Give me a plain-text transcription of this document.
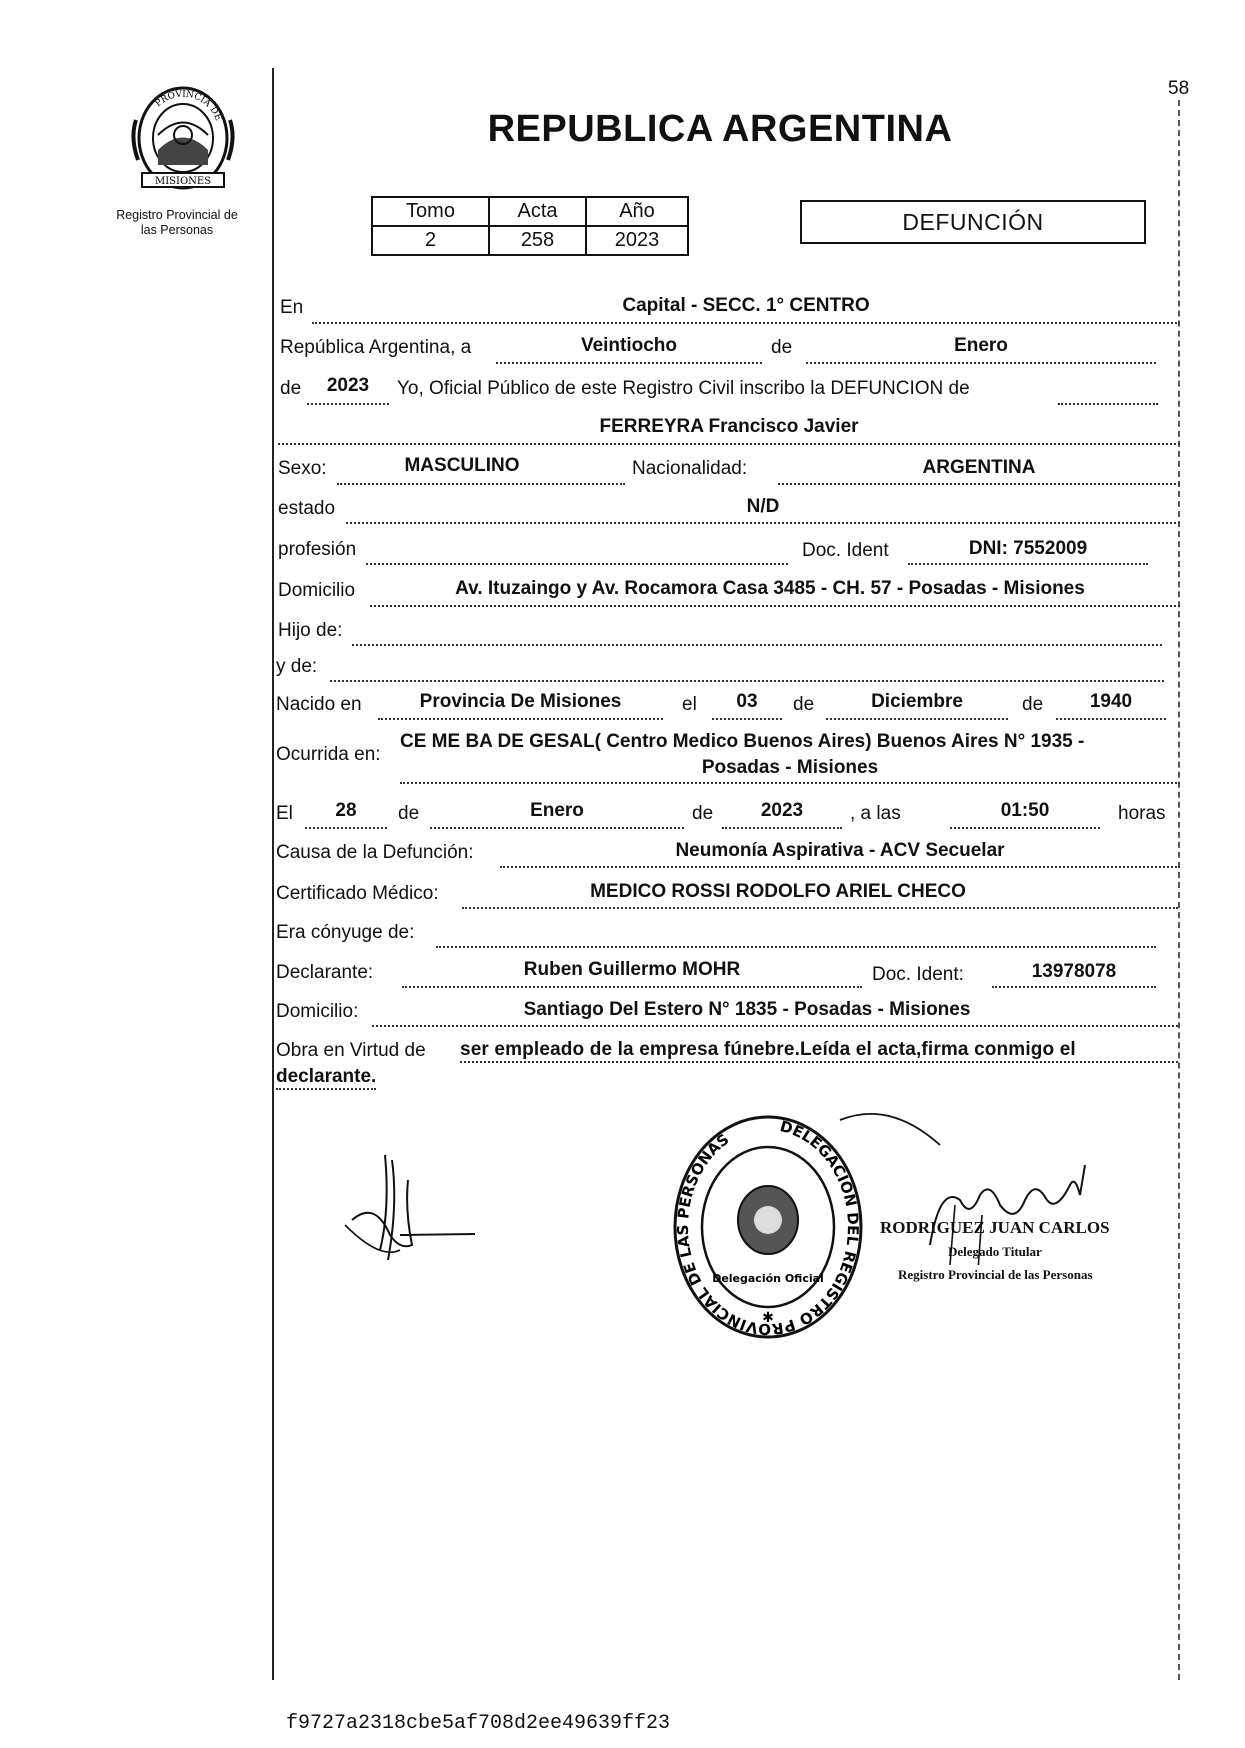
MISIONES
PROVINCIA DE
Registro Provincial de
las Personas
58
REPUBLICA ARGENTINA
Tomo	Acta	Año
2	258	2023
DEFUNCIÓN
En	Capital - SECC. 1° CENTRO
República Argentina, a	Veintiocho	de	Enero
de	2023	Yo, Oficial Público de este Registro Civil inscribo la DEFUNCION de
FERREYRA Francisco Javier
Sexo:	MASCULINO	Nacionalidad:	ARGENTINA
estado	N/D
profesión	Doc. Ident	DNI: 7552009
Domicilio	Av. Ituzaingo y Av. Rocamora Casa 3485 - CH. 57 - Posadas - Misiones
Hijo de:
y de:
Nacido en	Provincia De Misiones	el	03	de	Diciembre	de	1940
Ocurrida en:
CE ME BA DE GESAL( Centro Medico Buenos Aires) Buenos Aires N° 1935 -
Posadas - Misiones
El	28	de	Enero	de	2023	, a las	01:50	horas
Causa de la Defunción:	Neumonía Aspirativa - ACV Secuelar
Certificado Médico:	MEDICO ROSSI RODOLFO ARIEL CHECO
Era cónyuge de:
Declarante:	Ruben Guillermo MOHR	Doc. Ident:	13978078
Domicilio:	Santiago Del Estero N° 1835 - Posadas - Misiones
Obra en Virtud de ser empleado de la empresa fúnebre.Leída el acta,firma conmigo el
declarante.
DELEGACION DEL REGISTRO PROVINCIAL DE LAS PERSONAS
Delegación Oficial
✱
RODRIGUEZ JUAN CARLOS
Delegado Titular
Registro Provincial de las Personas
f9727a2318cbe5af708d2ee49639ff23
